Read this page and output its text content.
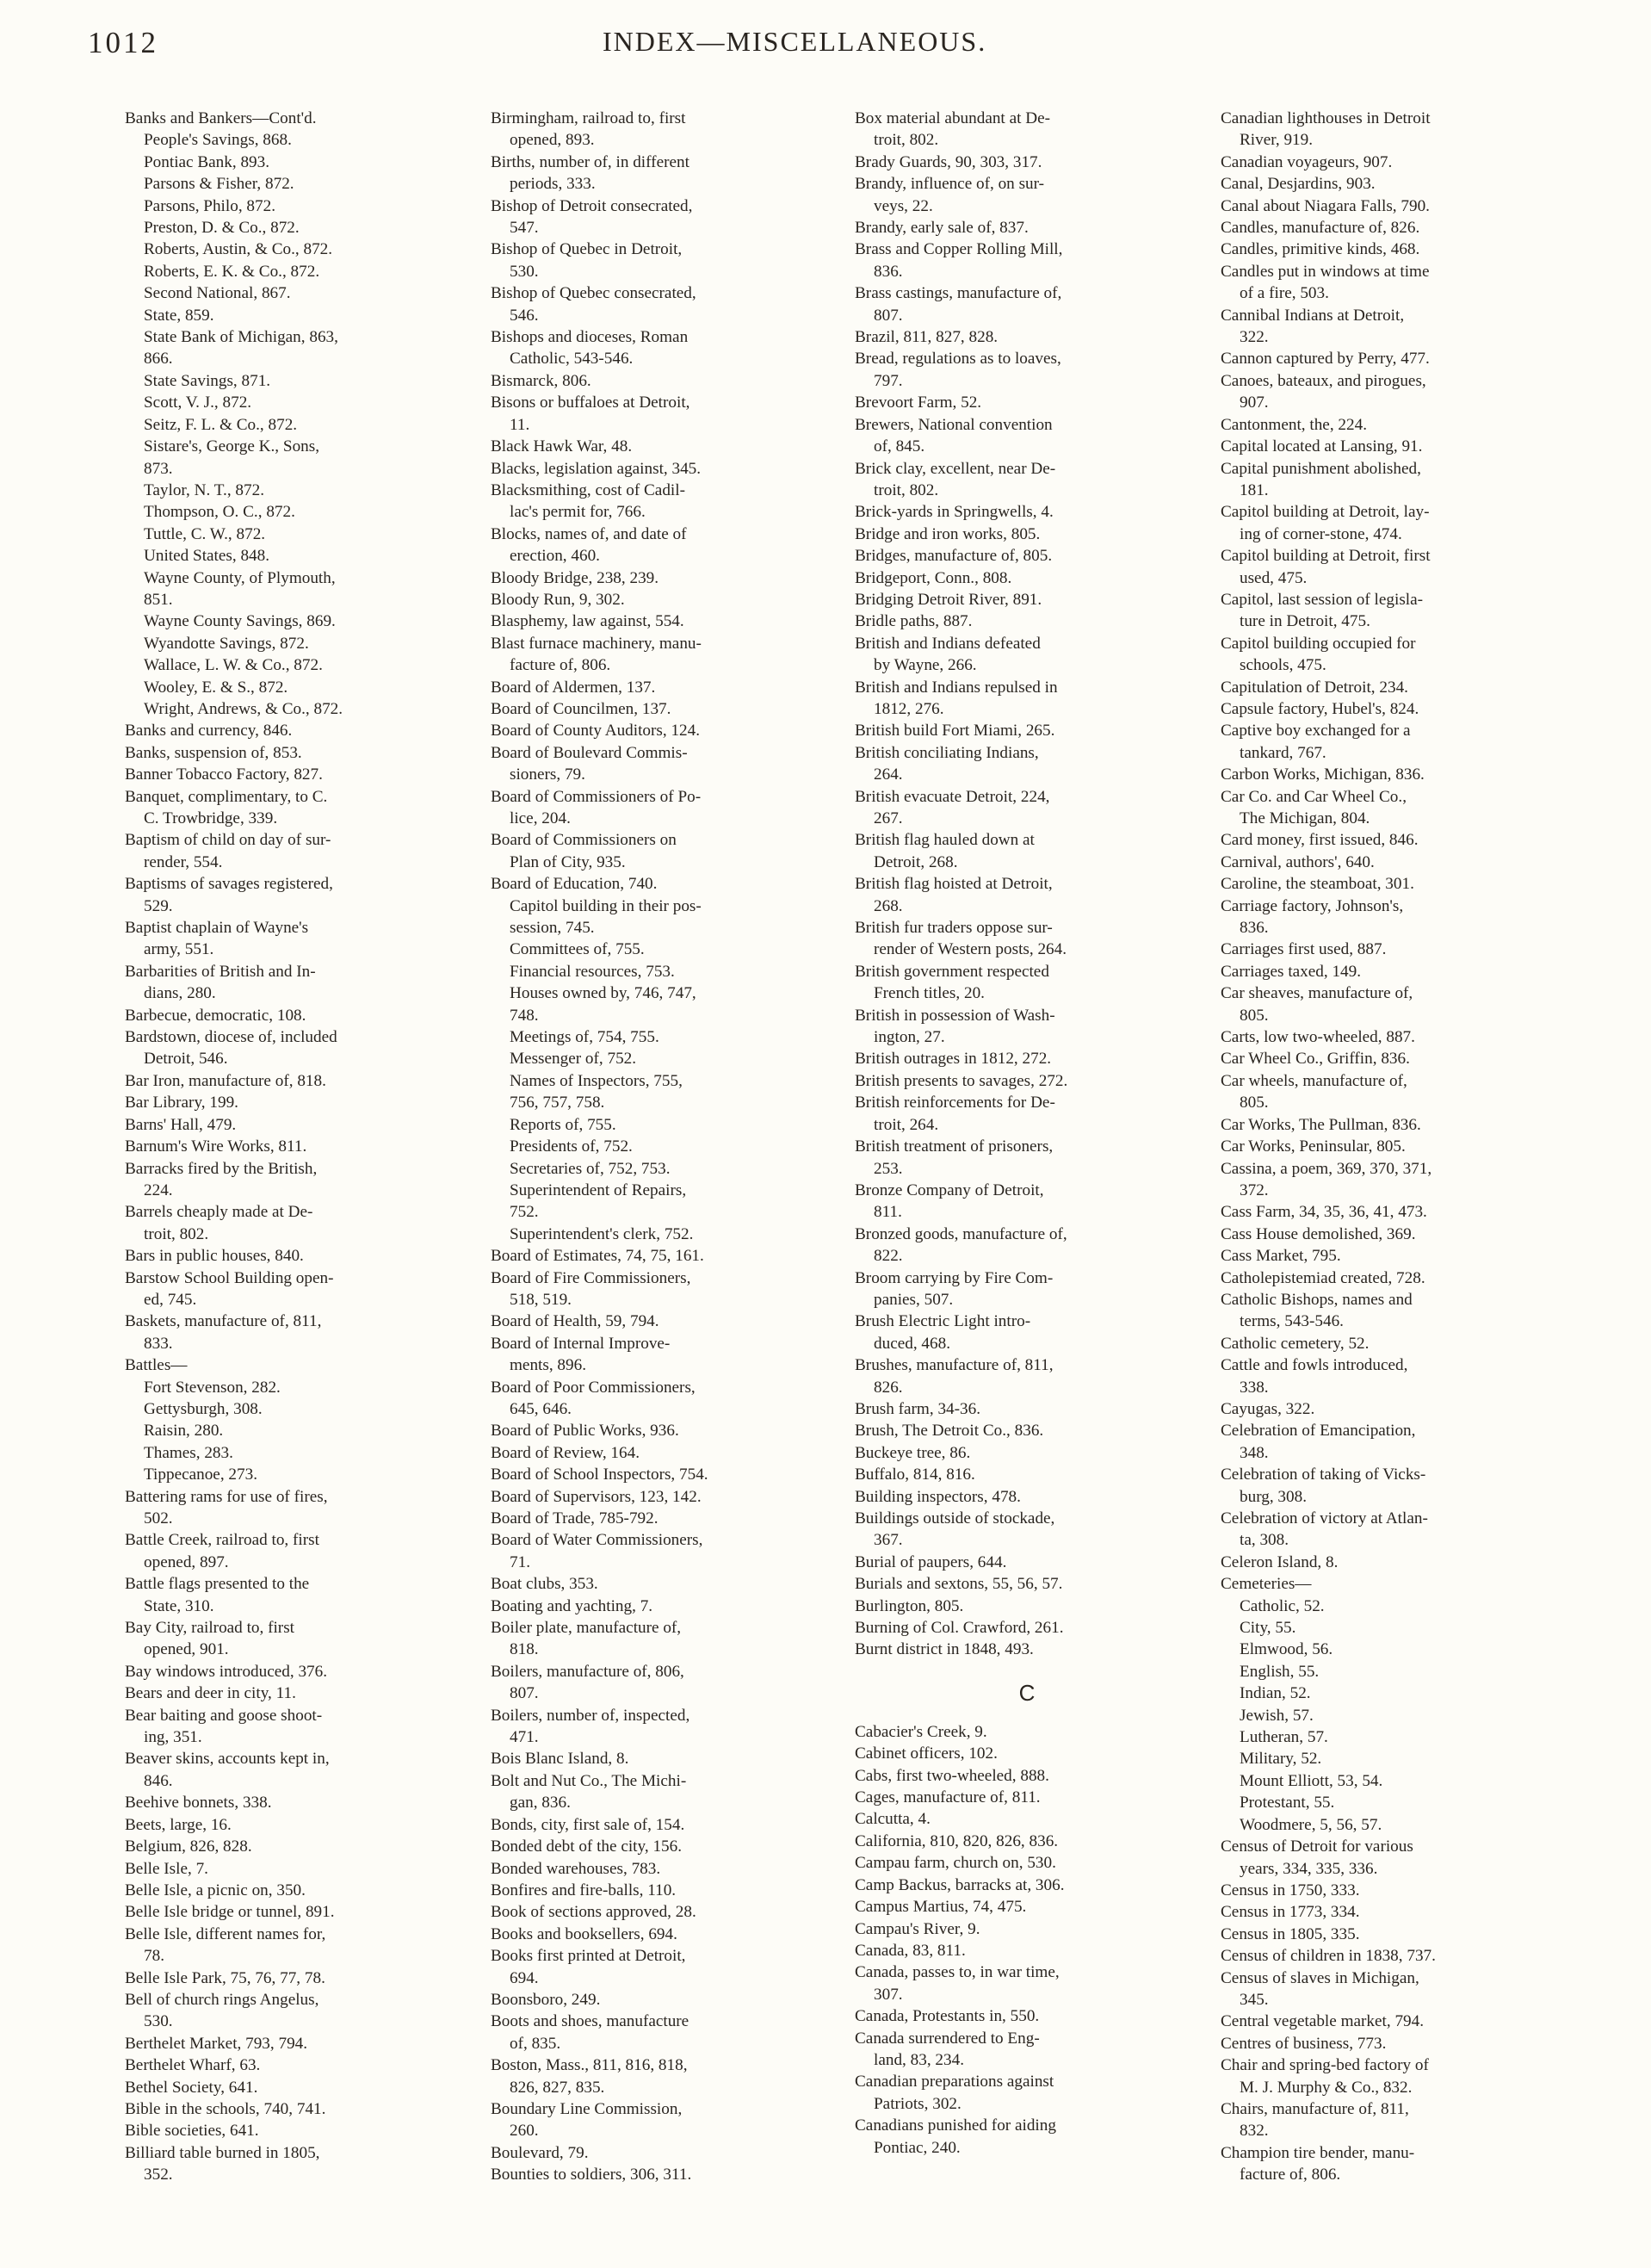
1012	INDEX—MISCELLANEOUS.
Banks and Bankers—Cont'd.
People's Savings, 868.
Pontiac Bank, 893.
Parsons & Fisher, 872.
Parsons, Philo, 872.
Preston, D. & Co., 872.
Roberts, Austin, & Co., 872.
Roberts, E. K. & Co., 872.
Second National, 867.
State, 859.
State Bank of Michigan, 863,
866.
State Savings, 871.
Scott, V. J., 872.
Seitz, F. L. & Co., 872.
Sistare's, George K., Sons,
873.
Taylor, N. T., 872.
Thompson, O. C., 872.
Tuttle, C. W., 872.
United States, 848.
Wayne County, of Plymouth,
851.
Wayne County Savings, 869.
Wyandotte Savings, 872.
Wallace, L. W. & Co., 872.
Wooley, E. & S., 872.
Wright, Andrews, & Co., 872.
Banks and currency, 846.
Banks, suspension of, 853.
Banner Tobacco Factory, 827.
Banquet, complimentary, to C.
C. Trowbridge, 339.
Baptism of child on day of sur-
render, 554.
Baptisms of savages registered,
529.
Baptist chaplain of Wayne's
army, 551.
Barbarities of British and In-
dians, 280.
Barbecue, democratic, 108.
Bardstown, diocese of, included
Detroit, 546.
Bar Iron, manufacture of, 818.
Bar Library, 199.
Barns' Hall, 479.
Barnum's Wire Works, 811.
Barracks fired by the British,
224.
Barrels cheaply made at De-
troit, 802.
Bars in public houses, 840.
Barstow School Building open-
ed, 745.
Baskets, manufacture of, 811,
833.
Battles—
Fort Stevenson, 282.
Gettysburgh, 308.
Raisin, 280.
Thames, 283.
Tippecanoe, 273.
Battering rams for use of fires,
502.
Battle Creek, railroad to, first
opened, 897.
Battle flags presented to the
State, 310.
Bay City, railroad to, first
opened, 901.
Bay windows introduced, 376.
Bears and deer in city, 11.
Bear baiting and goose shoot-
ing, 351.
Beaver skins, accounts kept in,
846.
Beehive bonnets, 338.
Beets, large, 16.
Belgium, 826, 828.
Belle Isle, 7.
Belle Isle, a picnic on, 350.
Belle Isle bridge or tunnel, 891.
Belle Isle, different names for,
78.
Belle Isle Park, 75, 76, 77, 78.
Bell of church rings Angelus,
530.
Berthelet Market, 793, 794.
Berthelet Wharf, 63.
Bethel Society, 641.
Bible in the schools, 740, 741.
Bible societies, 641.
Billiard table burned in 1805,
352.
Birmingham, railroad to, first
opened, 893.
Births, number of, in different
periods, 333.
Bishop of Detroit consecrated,
547.
Bishop of Quebec in Detroit,
530.
Bishop of Quebec consecrated,
546.
Bishops and dioceses, Roman
Catholic, 543-546.
Bismarck, 806.
Bisons or buffaloes at Detroit,
11.
Black Hawk War, 48.
Blacks, legislation against, 345.
Blacksmithing, cost of Cadil-
lac's permit for, 766.
Blocks, names of, and date of
erection, 460.
Bloody Bridge, 238, 239.
Bloody Run, 9, 302.
Blasphemy, law against, 554.
Blast furnace machinery, manu-
facture of, 806.
Board of Aldermen, 137.
Board of Councilmen, 137.
Board of County Auditors, 124.
Board of Boulevard Commis-
sioners, 79.
Board of Commissioners of Po-
lice, 204.
Board of Commissioners on
Plan of City, 935.
Board of Education, 740.
Capitol building in their pos-
session, 745.
Committees of, 755.
Financial resources, 753.
Houses owned by, 746, 747,
748.
Meetings of, 754, 755.
Messenger of, 752.
Names of Inspectors, 755,
756, 757, 758.
Reports of, 755.
Presidents of, 752.
Secretaries of, 752, 753.
Superintendent of Repairs,
752.
Superintendent's clerk, 752.
Board of Estimates, 74, 75, 161.
Board of Fire Commissioners,
518, 519.
Board of Health, 59, 794.
Board of Internal Improve-
ments, 896.
Board of Poor Commissioners,
645, 646.
Board of Public Works, 936.
Board of Review, 164.
Board of School Inspectors, 754.
Board of Supervisors, 123, 142.
Board of Trade, 785-792.
Board of Water Commissioners,
71.
Boat clubs, 353.
Boating and yachting, 7.
Boiler plate, manufacture of,
818.
Boilers, manufacture of, 806,
807.
Boilers, number of, inspected,
471.
Bois Blanc Island, 8.
Bolt and Nut Co., The Michi-
gan, 836.
Bonds, city, first sale of, 154.
Bonded debt of the city, 156.
Bonded warehouses, 783.
Bonfires and fire-balls, 110.
Book of sections approved, 28.
Books and booksellers, 694.
Books first printed at Detroit,
694.
Boonsboro, 249.
Boots and shoes, manufacture
of, 835.
Boston, Mass., 811, 816, 818,
826, 827, 835.
Boundary Line Commission,
260.
Boulevard, 79.
Bounties to soldiers, 306, 311.
Box material abundant at De-
troit, 802.
Brady Guards, 90, 303, 317.
Brandy, influence of, on sur-
veys, 22.
Brandy, early sale of, 837.
Brass and Copper Rolling Mill,
836.
Brass castings, manufacture of,
807.
Brazil, 811, 827, 828.
Bread, regulations as to loaves,
797.
Brevoort Farm, 52.
Brewers, National convention
of, 845.
Brick clay, excellent, near De-
troit, 802.
Brick-yards in Springwells, 4.
Bridge and iron works, 805.
Bridges, manufacture of, 805.
Bridgeport, Conn., 808.
Bridging Detroit River, 891.
Bridle paths, 887.
British and Indians defeated
by Wayne, 266.
British and Indians repulsed in
1812, 276.
British build Fort Miami, 265.
British conciliating Indians,
264.
British evacuate Detroit, 224,
267.
British flag hauled down at
Detroit, 268.
British flag hoisted at Detroit,
268.
British fur traders oppose sur-
render of Western posts, 264.
British government respected
French titles, 20.
British in possession of Wash-
ington, 27.
British outrages in 1812, 272.
British presents to savages, 272.
British reinforcements for De-
troit, 264.
British treatment of prisoners,
253.
Bronze Company of Detroit,
811.
Bronzed goods, manufacture of,
822.
Broom carrying by Fire Com-
panies, 507.
Brush Electric Light intro-
duced, 468.
Brushes, manufacture of, 811,
826.
Brush farm, 34-36.
Brush, The Detroit Co., 836.
Buckeye tree, 86.
Buffalo, 814, 816.
Building inspectors, 478.
Buildings outside of stockade,
367.
Burial of paupers, 644.
Burials and sextons, 55, 56, 57.
Burlington, 805.
Burning of Col. Crawford, 261.
Burnt district in 1848, 493.
C
Cabacier's Creek, 9.
Cabinet officers, 102.
Cabs, first two-wheeled, 888.
Cages, manufacture of, 811.
Calcutta, 4.
California, 810, 820, 826, 836.
Campau farm, church on, 530.
Camp Backus, barracks at, 306.
Campus Martius, 74, 475.
Campau's River, 9.
Canada, 83, 811.
Canada, passes to, in war time,
307.
Canada, Protestants in, 550.
Canada surrendered to Eng-
land, 83, 234.
Canadian preparations against
Patriots, 302.
Canadians punished for aiding
Pontiac, 240.
Canadian lighthouses in Detroit
River, 919.
Canadian voyageurs, 907.
Canal, Desjardins, 903.
Canal about Niagara Falls, 790.
Candles, manufacture of, 826.
Candles, primitive kinds, 468.
Candles put in windows at time
of a fire, 503.
Cannibal Indians at Detroit,
322.
Cannon captured by Perry, 477.
Canoes, bateaux, and pirogues,
907.
Cantonment, the, 224.
Capital located at Lansing, 91.
Capital punishment abolished,
181.
Capitol building at Detroit, lay-
ing of corner-stone, 474.
Capitol building at Detroit, first
used, 475.
Capitol, last session of legisla-
ture in Detroit, 475.
Capitol building occupied for
schools, 475.
Capitulation of Detroit, 234.
Capsule factory, Hubel's, 824.
Captive boy exchanged for a
tankard, 767.
Carbon Works, Michigan, 836.
Car Co. and Car Wheel Co.,
The Michigan, 804.
Card money, first issued, 846.
Carnival, authors', 640.
Caroline, the steamboat, 301.
Carriage factory, Johnson's,
836.
Carriages first used, 887.
Carriages taxed, 149.
Car sheaves, manufacture of,
805.
Carts, low two-wheeled, 887.
Car Wheel Co., Griffin, 836.
Car wheels, manufacture of,
805.
Car Works, The Pullman, 836.
Car Works, Peninsular, 805.
Cassina, a poem, 369, 370, 371,
372.
Cass Farm, 34, 35, 36, 41, 473.
Cass House demolished, 369.
Cass Market, 795.
Catholepistemiad created, 728.
Catholic Bishops, names and
terms, 543-546.
Catholic cemetery, 52.
Cattle and fowls introduced,
338.
Cayugas, 322.
Celebration of Emancipation,
348.
Celebration of taking of Vicks-
burg, 308.
Celebration of victory at Atlan-
ta, 308.
Celeron Island, 8.
Cemeteries—
Catholic, 52.
City, 55.
Elmwood, 56.
English, 55.
Indian, 52.
Jewish, 57.
Lutheran, 57.
Military, 52.
Mount Elliott, 53, 54.
Protestant, 55.
Woodmere, 5, 56, 57.
Census of Detroit for various
years, 334, 335, 336.
Census in 1750, 333.
Census in 1773, 334.
Census in 1805, 335.
Census of children in 1838, 737.
Census of slaves in Michigan,
345.
Central vegetable market, 794.
Centres of business, 773.
Chair and spring-bed factory of
M. J. Murphy & Co., 832.
Chairs, manufacture of, 811,
832.
Champion tire bender, manu-
facture of, 806.
